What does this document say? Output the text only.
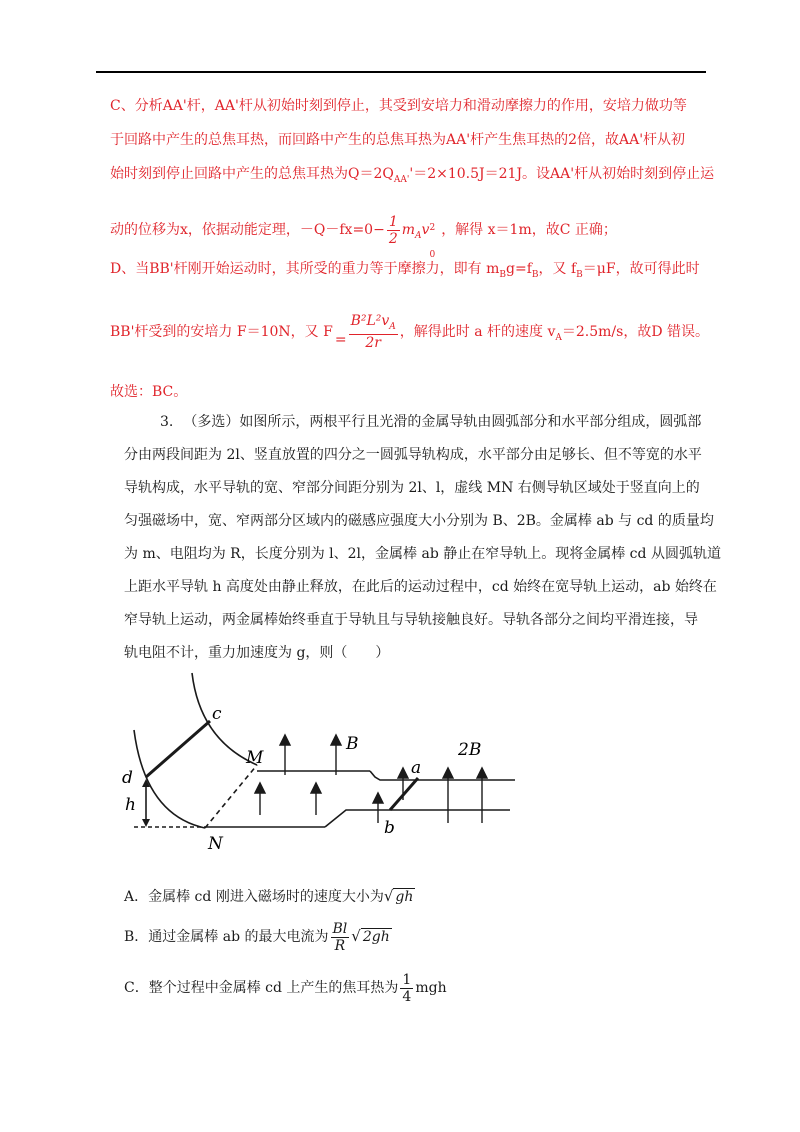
C、分析AA'杆，AA'杆从初始时刻到停止，其受到安培力和滑动摩擦力的作用，安培力做功等
于回路中产生的总焦耳热，而回路中产生的总焦耳热为AA'杆产生焦耳热的2倍，故AA'杆从初
始时刻到停止回路中产生的总焦耳热为$Q=2Q_{AA'}'=2\times 10.5J=21J$。设AA'杆从初始时刻到停止运
动的位移为x，依据动能定理，$-Q-fx=0- \frac{1}{2} m_Av^2$
0
，解得 x＝1m，故C 正确；
D、当BB'杆刚开始运动时，其所受的重力等于摩擦力，即有 $m_Bg=f_B$，又 $f_B=\mu F$，故可得此时
BB'杆受到的安培力 F＝10N，又 $F = \frac{B^2L^2v_A}{2r}$ ，解得此时 a 杆的速度 $v_A=2.5m/s$，故D 错误。
故选：BC。
3. （多选）如图所示，两根平行且光滑的金属导轨由圆弧部分和水平部分组成，圆弧部
分由两段间距为 2l、竖直放置的四分之一圆弧导轨构成，水平部分由足够长、但不等宽的水平
导轨构成，水平导轨的宽、窄部分间距分别为 2l、l，虚线 MN 右侧导轨区域处于竖直向上的
匀强磁场中，宽、窄两部分区域内的磁感应强度大小分别为 B、2B。金属棒 ab 与 cd 的质量均
为 m、电阻均为 R，长度分别为 l、2l，金属棒 ab 静止在窄导轨上。现将金属棒 cd 从圆弧轨道
上距水平导轨 h 高度处由静止释放，在此后的运动过程中，cd 始终在宽导轨上运动，ab 始终在
窄导轨上运动，两金属棒始终垂直于导轨且与导轨接触良好。导轨各部分之间均平滑连接，导
轨电阻不计，重力加速度为 g，则（　　）
c
d
h
M
N
B	2B
a
b
A．金属棒 cd 刚进入磁场时的速度大小为√ gh
B．通过金属棒 ab 的最大电流为 $\frac{Bl}{R}$ √ 2gh
C．整个过程中金属棒 cd 上产生的焦耳热为 $\frac{1}{4}$ mgh
